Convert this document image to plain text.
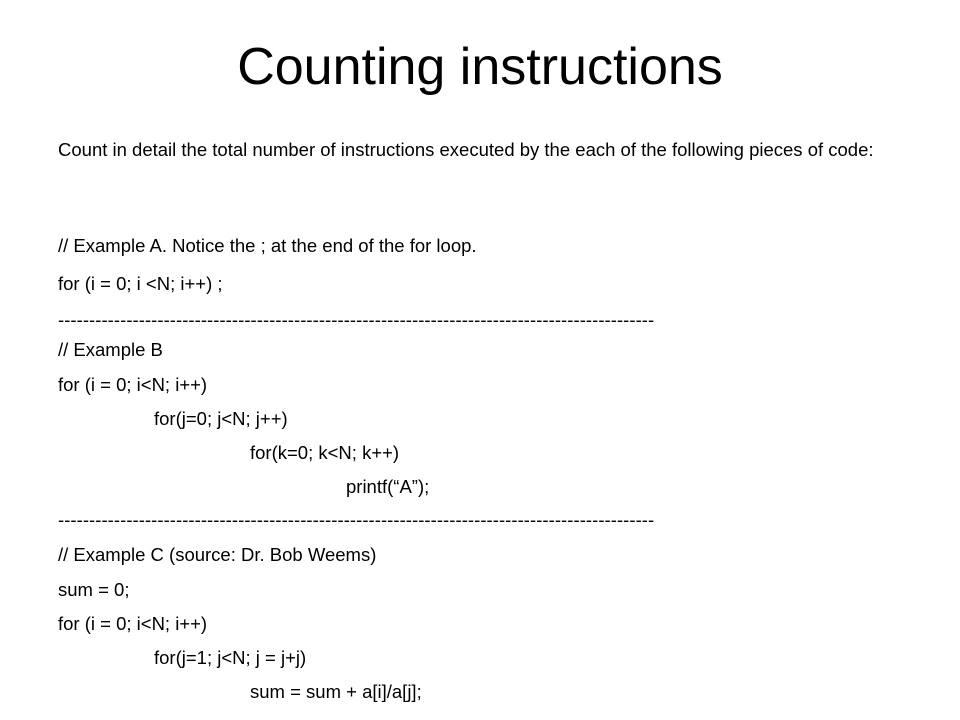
Counting instructions
Count in detail the total number of instructions executed by the each of the following pieces of code:
// Example A. Notice the ; at the end of the for loop.
for (i = 0; i <N; i++) ;
------------------------------------------------------------------------------------------------
// Example B
for (i = 0; i<N; i++)
for(j=0; j<N; j++)
for(k=0; k<N; k++)
printf(“A”);
------------------------------------------------------------------------------------------------
// Example C (source: Dr. Bob Weems)
sum = 0;
for (i = 0; i<N; i++)
for(j=1; j<N; j = j+j)
sum = sum + a[i]/a[j];
